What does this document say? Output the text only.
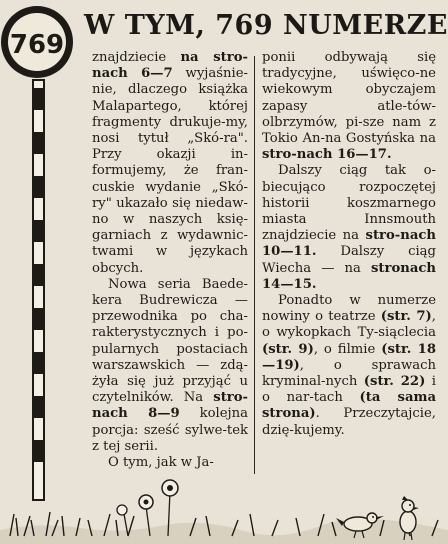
769
W TYM, 769 NUMERZE

znajdziecie na stro-nach 6—7 wyjaśnie-nie, dlaczego książka Malapartego, której fragmenty drukuje-my, nosi tytuł „Skó-ra". Przy okazji in-formujemy, że fran-cuskie wydanie „Skó-ry" ukazało się niedaw-no w naszych księ-garniach z wydawnic-twami w językach obcych.

Nowa seria Baede-kera Budrewicza — przewodnika po cha-rakterystycznych i po-pularnych postaciach warszawskich — zdą-żyła się już przyjąć u czytelników. Na stro-nach 8—9 kolejna porcja: sześć sylwe-tek z tej serii.

O tym, jak w Ja-

ponii odbywają się tradycyjne, uświęco-ne wiekowym obyczajem zapasy atle-tów-olbrzymów, pi-sze nam z Tokio An-na Gostyńska na stro-nach 16—17.

Dalszy ciąg tak o-biecująco rozpoczętej historii koszmarnego miasta Innsmouth znajdziecie na stro-nach 10—11. Dalszy ciąg Wiecha — na stronach 14—15.

Ponadto w numerze nowiny o teatrze (str. 7), o wykopkach Ty-siąclecia (str. 9), o filmie (str. 18—19), o sprawach kryminal-nych (str. 22) i o nar-tach (ta sama strona). Przeczytajcie, dzię-kujemy.
